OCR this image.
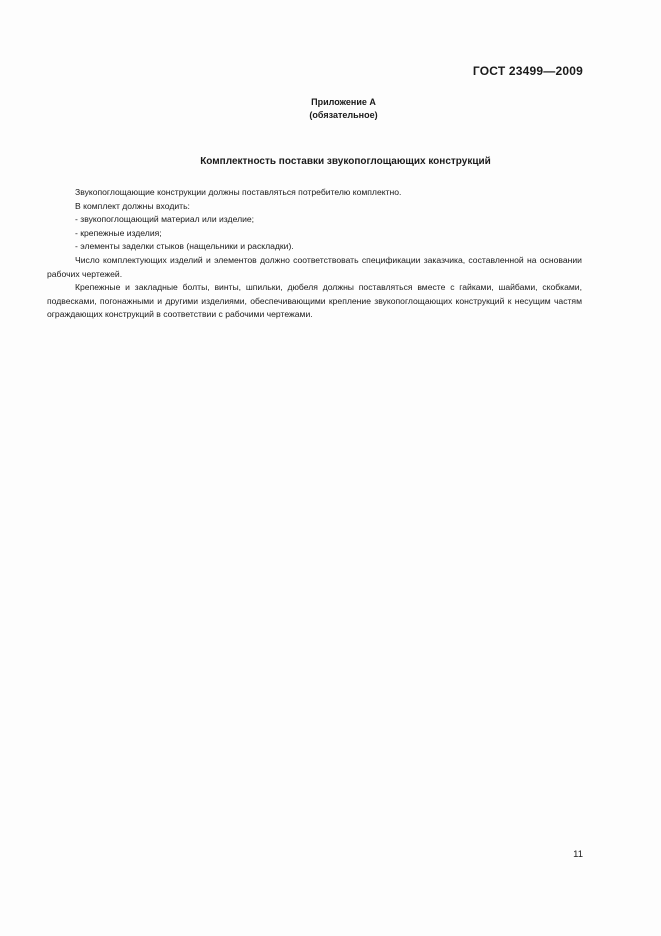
ГОСТ 23499—2009
Приложение А
(обязательное)
Комплектность поставки звукопоглощающих конструкций

Звукопоглощающие конструкции должны поставляться потребителю комплектно.

В комплект должны входить:

- звукопоглощающий материал или изделие;

- крепежные изделия;

- элементы заделки стыков (нащельники и раскладки).

Число комплектующих изделий и элементов должно соответствовать спецификации заказчика, составленной на основании рабочих чертежей.

Крепежные и закладные болты, винты, шпильки, дюбеля должны поставляться вместе с гайками, шайбами, скобками, подвесками, погонажными и другими изделиями, обеспечивающими крепление звукопоглощающих конструкций к несущим частям ограждающих конструкций в соответствии с рабочими чертежами.

11
